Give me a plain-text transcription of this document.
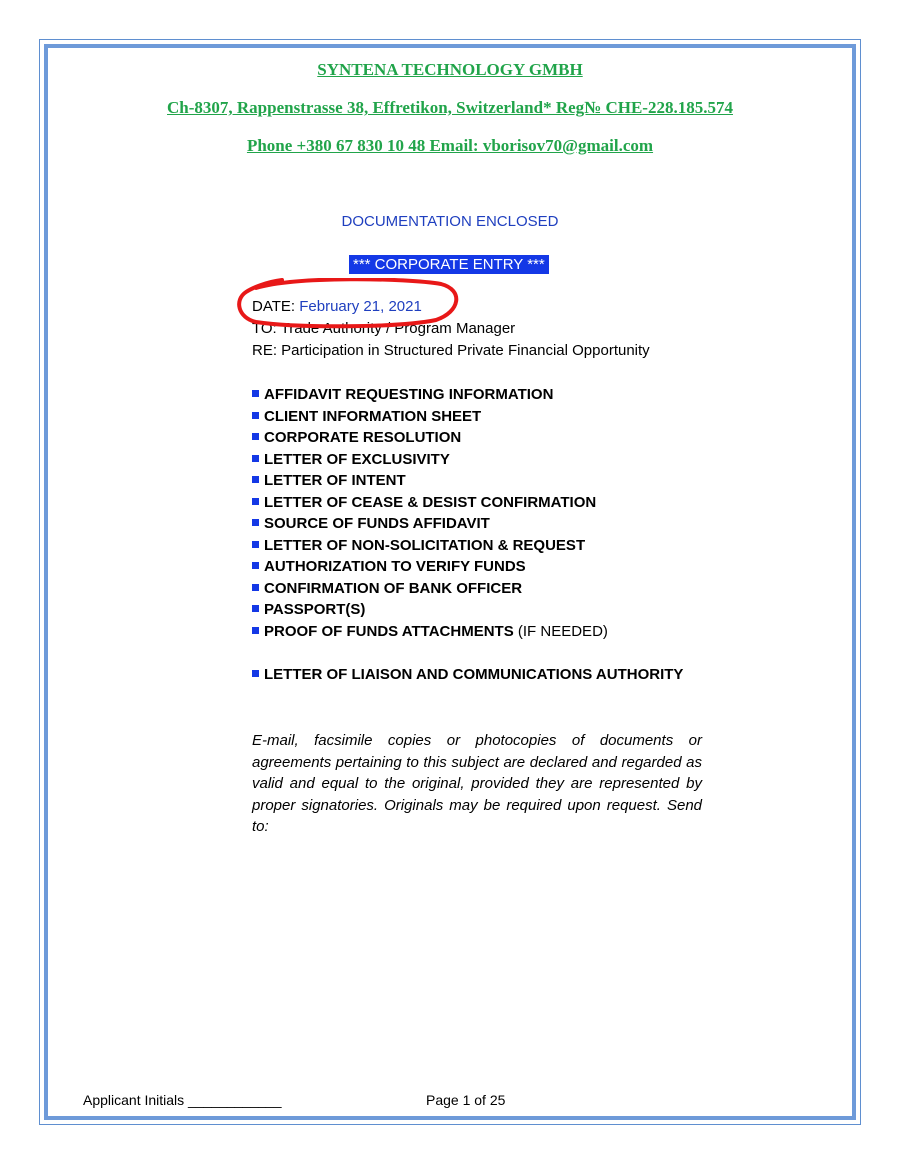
SYNTENA TECHNOLOGY GMBH
Ch-8307, Rappenstrasse 38, Effretikon, Switzerland* Reg№ CHE-228.185.574
Phone +380 67 830 10 48 Email: vborisov70@gmail.com
DOCUMENTATION ENCLOSED
*** CORPORATE ENTRY ***
DATE: February 21, 2021
TO: Trade Authority / Program Manager
RE: Participation in Structured Private Financial Opportunity
AFFIDAVIT REQUESTING INFORMATION
CLIENT INFORMATION SHEET
CORPORATE RESOLUTION
LETTER OF EXCLUSIVITY
LETTER OF INTENT
LETTER OF CEASE & DESIST CONFIRMATION
SOURCE OF FUNDS AFFIDAVIT
LETTER OF NON-SOLICITATION & REQUEST
AUTHORIZATION TO VERIFY FUNDS
CONFIRMATION OF BANK OFFICER
PASSPORT(S)
PROOF OF FUNDS ATTACHMENTS (IF NEEDED)
LETTER OF LIAISON AND COMMUNICATIONS AUTHORITY
E-mail, facsimile copies or photocopies of documents or agreements pertaining to this subject are declared and regarded as valid and equal to the original, provided they are represented by proper signatories. Originals may be required upon request. Send to:
Applicant Initials ____________	Page 1 of 25
